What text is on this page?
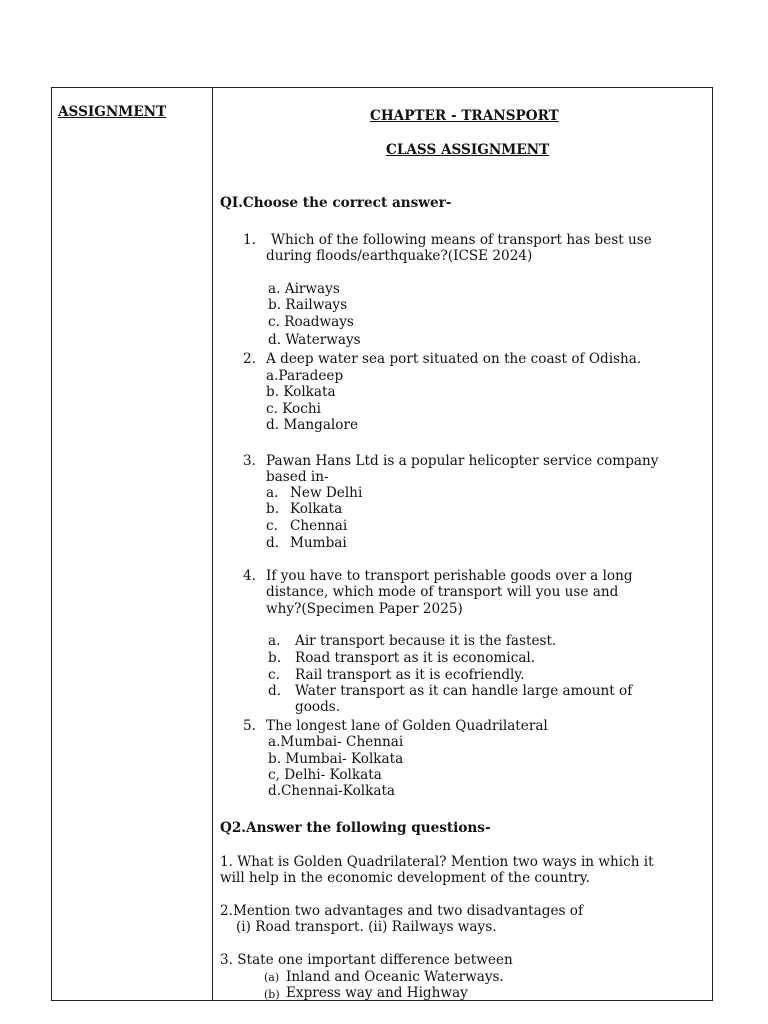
ASSIGNMENT	CHAPTER - TRANSPORT
CLASS ASSIGNMENT
QI.Choose the correct answer-
1. Which of the following means of transport has best use
during floods/earthquake?(ICSE 2024)
a. Airways
b. Railways
c. Roadways
d. Waterways
2. A deep water sea port situated on the coast of Odisha.
a.Paradeep
b. Kolkata
c. Kochi
d. Mangalore
3. Pawan Hans Ltd is a popular helicopter service company
based in-
a. New Delhi
b. Kolkata
c. Chennai
d. Mumbai
4. If you have to transport perishable goods over a long
distance, which mode of transport will you use and
why?(Specimen Paper 2025)
a. Air transport because it is the fastest.
b. Road transport as it is economical.
c. Rail transport as it is ecofriendly.
d. Water transport as it can handle large amount of
goods.
5. The longest lane of Golden Quadrilateral
a.Mumbai- Chennai
b. Mumbai- Kolkata
c, Delhi- Kolkata
d.Chennai-Kolkata
Q2.Answer the following questions-
1. What is Golden Quadrilateral? Mention two ways in which it
will help in the economic development of the country.
2.Mention two advantages and two disadvantages of
(i) Road transport. (ii) Railways ways.
3. State one important difference between
(a) Inland and Oceanic Waterways.
(b) Express way and Highway
